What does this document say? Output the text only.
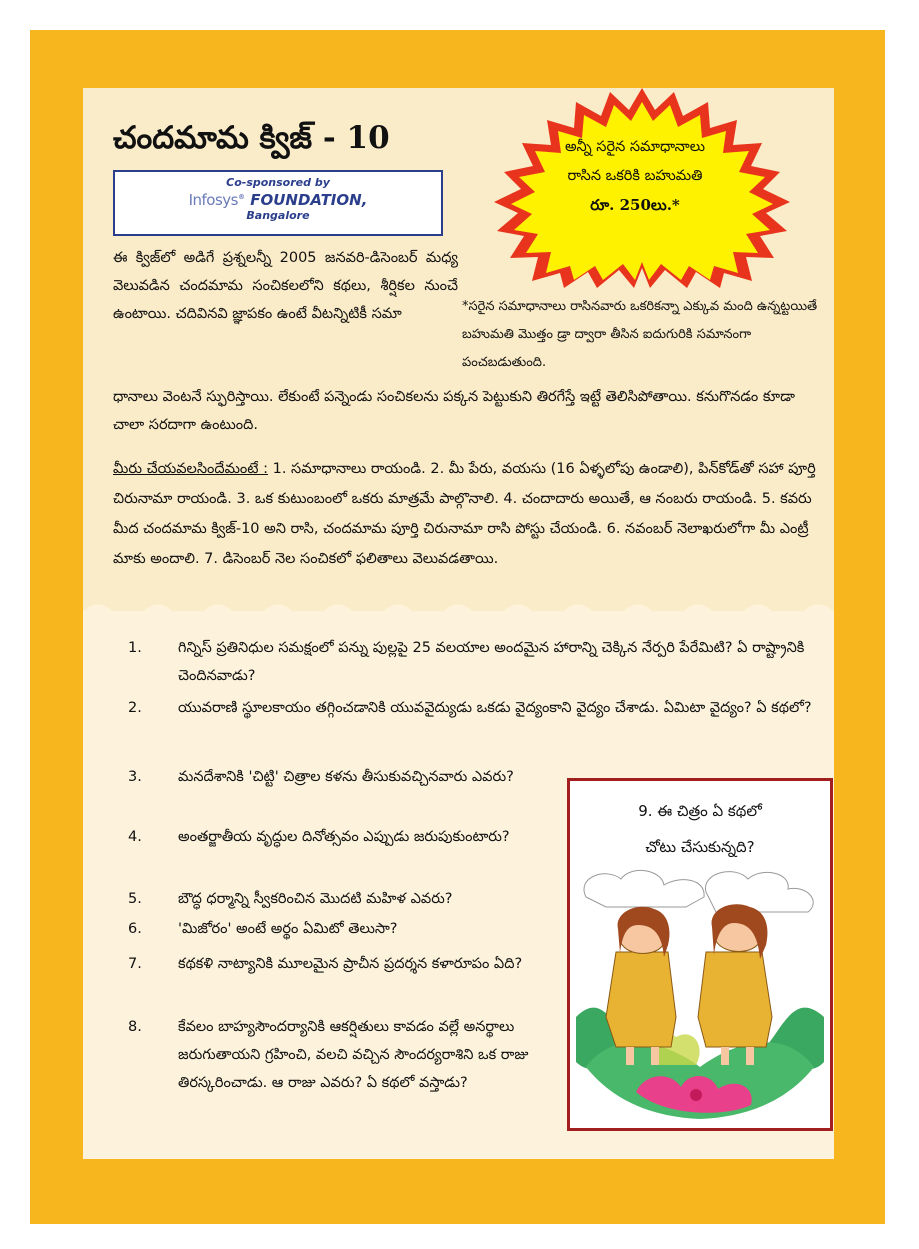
చందమామ క్విజ్ - 10
Co-sponsored by
Infosys® FOUNDATION,
Bangalore
అన్నీ సరైన సమాధానాలు
రాసిన ఒకరికి బహుమతి
రూ. 250లు.*
*సరైన సమాధానాలు రాసినవారు ఒకరికన్నా ఎక్కువ మంది ఉన్నట్టయితే బహుమతి మొత్తం డ్రా ద్వారా తీసిన ఐదుగురికి సమానంగా పంచబడుతుంది.
ఈ క్విజ్‌లో అడిగే ప్రశ్నలన్నీ 2005 జనవరి-డిసెంబర్ మధ్య వెలువడిన చందమామ సంచికలలోని కథలు, శీర్షికల నుంచే ఉంటాయి. చదివినవి జ్ఞాపకం ఉంటే వీటన్నిటికీ సమా
ధానాలు వెంటనే స్ఫురిస్తాయి. లేకుంటే పన్నెండు సంచికలను పక్కన పెట్టుకుని తిరగేస్తే ఇట్టే తెలిసిపోతాయి. కనుగొనడం కూడా చాలా సరదాగా ఉంటుంది.
మీరు చేయవలసిందేమంటే : 1. సమాధానాలు రాయండి. 2. మీ పేరు, వయసు (16 ఏళ్ళలోపు ఉండాలి), పిన్‌కోడ్‌తో సహా పూర్తి చిరునామా రాయండి. 3. ఒక కుటుంబంలో ఒకరు మాత్రమే పాల్గొనాలి. 4. చందాదారు అయితే, ఆ నంబరు రాయండి. 5. కవరు మీద చందమామ క్విజ్‌-10 అని రాసి, చందమామ పూర్తి చిరునామా రాసి పోస్టు చేయండి. 6. నవంబర్ నెలాఖరులోగా మీ ఎంట్రీ మాకు అందాలి. 7. డిసెంబర్ నెల సంచికలో ఫలితాలు వెలువడతాయి.
1.	గిన్నిస్ ప్రతినిధుల సమక్షంలో పన్ను పుల్లపై 25 వలయాల అందమైన హారాన్ని చెక్కిన నేర్పరి పేరేమిటి? ఏ రాష్ట్రానికి చెందినవాడు?
2.	యువరాణి స్థూలకాయం తగ్గించడానికి యువవైద్యుడు ఒకడు వైద్యంకాని వైద్యం చేశాడు. ఏమిటా వైద్యం? ఏ కథలో?
3.	మనదేశానికి 'చిట్టి' చిత్రాల కళను తీసుకువచ్చినవారు ఎవరు?
4.	అంతర్జాతీయ వృద్ధుల దినోత్సవం ఎప్పుడు జరుపుకుంటారు?
5.	బౌద్ధ ధర్మాన్ని స్వీకరించిన మొదటి మహిళ ఎవరు?
6.	'మిజోరం' అంటే అర్థం ఏమిటో తెలుసా?
7.	కథకళి నాట్యానికి మూలమైన ప్రాచీన ప్రదర్శన కళారూపం ఏది?
8.	కేవలం బాహ్యసౌందర్యానికి ఆకర్షితులు కావడం వల్లే అనర్థాలు జరుగుతాయని గ్రహించి, వలచి వచ్చిన సౌందర్యరాశిని ఒక రాజు తిరస్కరించాడు. ఆ రాజు ఎవరు? ఏ కథలో వస్తాడు?
9. ఈ చిత్రం ఏ కథలో
చోటు చేసుకున్నది?
